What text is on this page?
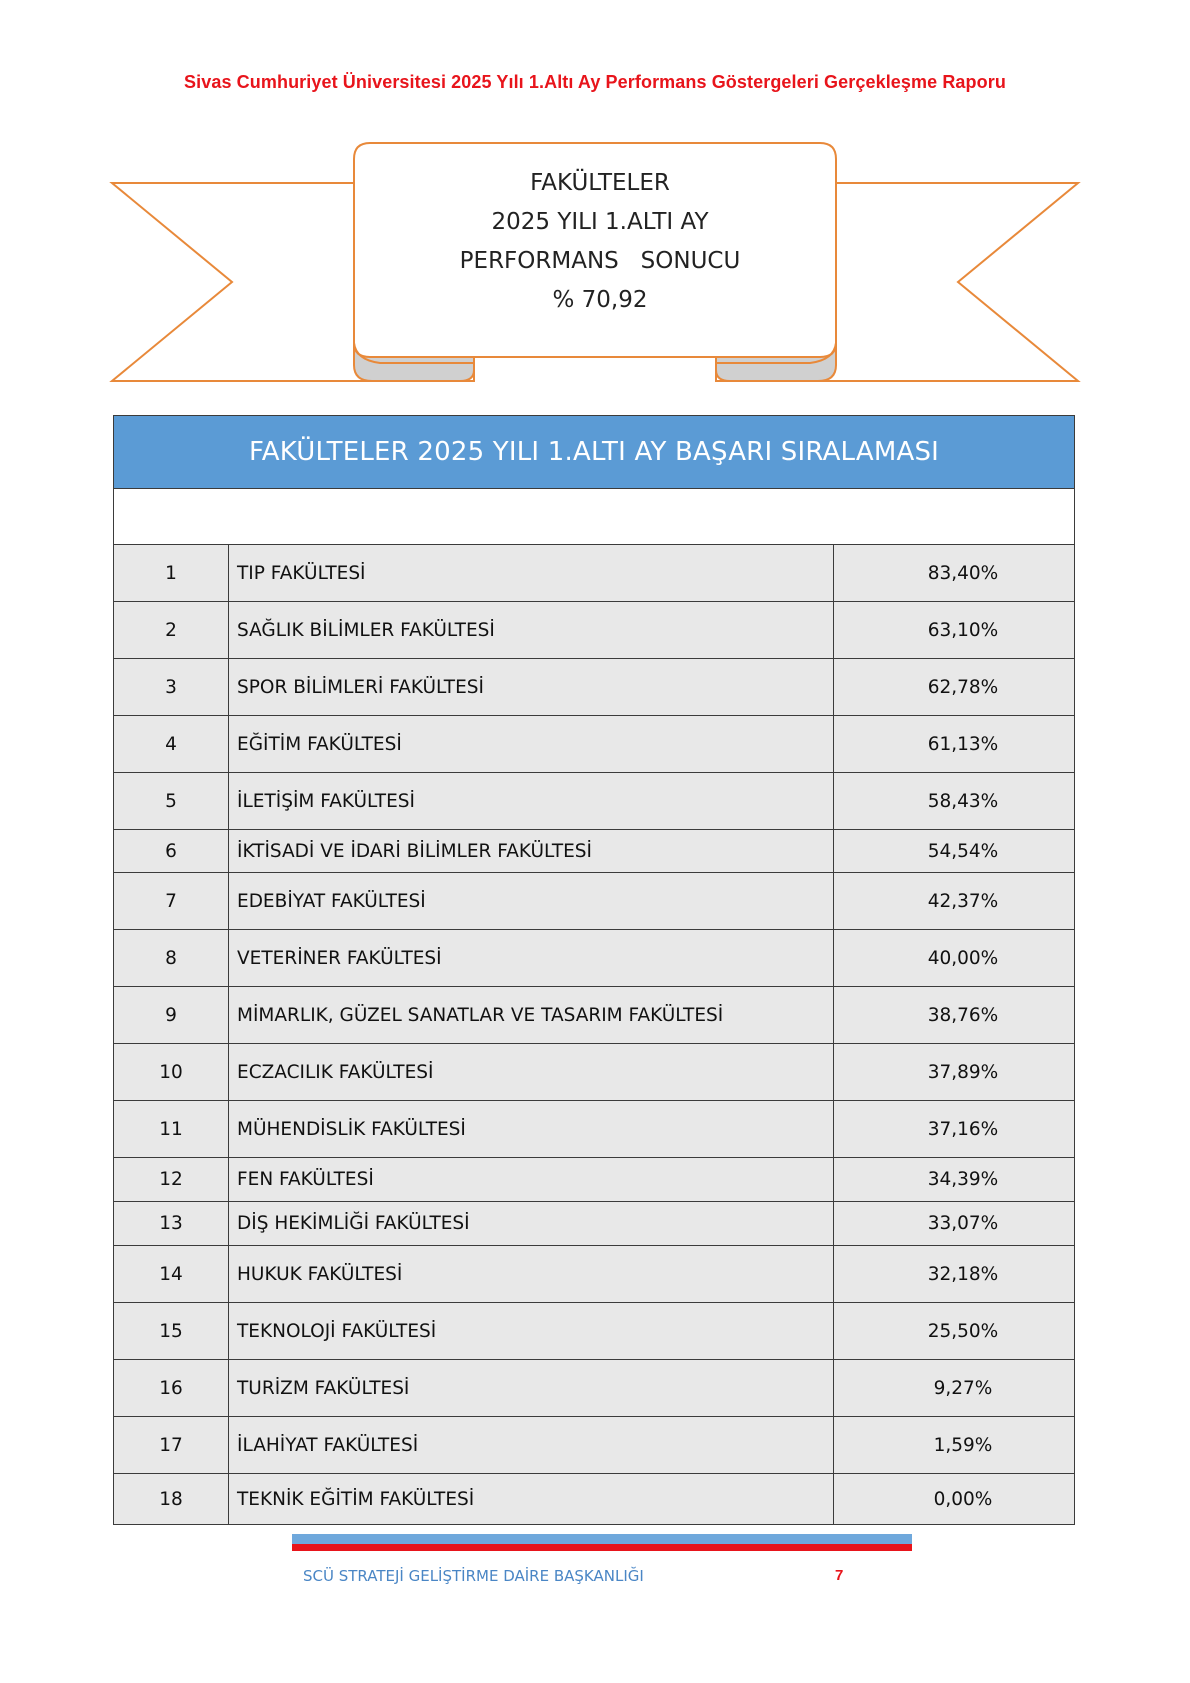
Sivas Cumhuriyet Üniversitesi 2025 Yılı 1.Altı Ay Performans Göstergeleri Gerçekleşme Raporu
FAKÜLTELER
2025 YILI 1.ALTI AY
PERFORMANS   SONUCU
% 70,92
FAKÜLTELER 2025 YILI 1.ALTI AY BAŞARI SIRALAMASI		

1	TIP FAKÜLTESİ	83,40%
2	SAĞLIK BİLİMLER FAKÜLTESİ	63,10%
3	SPOR BİLİMLERİ FAKÜLTESİ	62,78%
4	EĞİTİM FAKÜLTESİ	61,13%
5	İLETİŞİM FAKÜLTESİ	58,43%
6	İKTİSADİ VE İDARİ BİLİMLER FAKÜLTESİ	54,54%
7	EDEBİYAT FAKÜLTESİ	42,37%
8	VETERİNER FAKÜLTESİ	40,00%
9	MİMARLIK, GÜZEL SANATLAR VE TASARIM FAKÜLTESİ	38,76%
10	ECZACILIK FAKÜLTESİ	37,89%
11	MÜHENDİSLİK FAKÜLTESİ	37,16%
12	FEN FAKÜLTESİ	34,39%
13	DİŞ HEKİMLİĞİ FAKÜLTESİ	33,07%
14	HUKUK FAKÜLTESİ	32,18%
15	TEKNOLOJİ FAKÜLTESİ	25,50%
16	TURİZM FAKÜLTESİ	9,27%
17	İLAHİYAT FAKÜLTESİ	1,59%
18	TEKNİK EĞİTİM FAKÜLTESİ	0,00%
SCÜ STRATEJİ GELİŞTİRME DAİRE BAŞKANLIĞI	7
